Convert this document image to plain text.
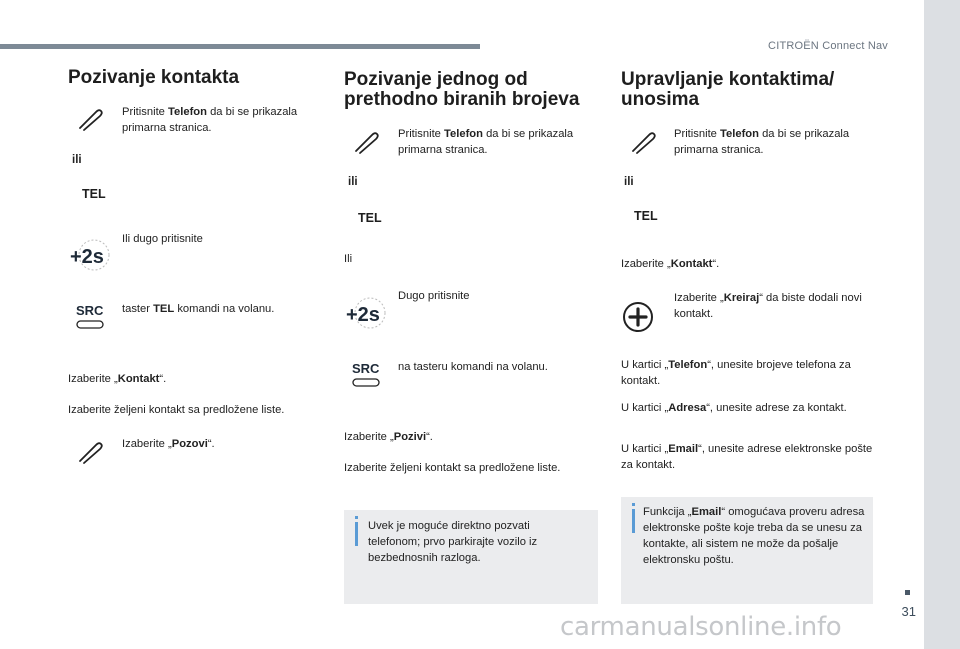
CITROËN Connect Nav
31
Pozivanje kontakta
Pritisnite Telefon da bi se prikazala primarna stranica.
ili
TEL
+2s
Ili dugo pritisnite
SRC taster TEL komandi na volanu.
Izaberite „Kontakt“.
Izaberite željeni kontakt sa predložene liste.
Izaberite „Pozovi“.
Pozivanje jednog od prethodno biranih brojeva
Pritisnite Telefon da bi se prikazala primarna stranica.
ili
TEL
Ili
+2s
Dugo pritisnite
SRC na tasteru komandi na volanu.
Izaberite „Pozivi“.
Izaberite željeni kontakt sa predložene liste.
Uvek je moguće direktno pozvati telefonom; prvo parkirajte vozilo iz bezbednosnih razloga.
Upravljanje kontaktima/ unosima
Pritisnite Telefon da bi se prikazala primarna stranica.
ili
TEL
Izaberite „Kontakt“.
Izaberite „Kreiraj“ da biste dodali novi kontakt.
U kartici „Telefon“, unesite brojeve telefona za kontakt.
U kartici „Adresa“, unesite adrese za kontakt.
U kartici „Email“, unesite adrese elektronske pošte za kontakt.
Funkcija „Email“ omogućava proveru adresa elektronske pošte koje treba da se unesu za kontakte, ali sistem ne može da pošalje elektronsku poštu.
carmanualsonline.info
